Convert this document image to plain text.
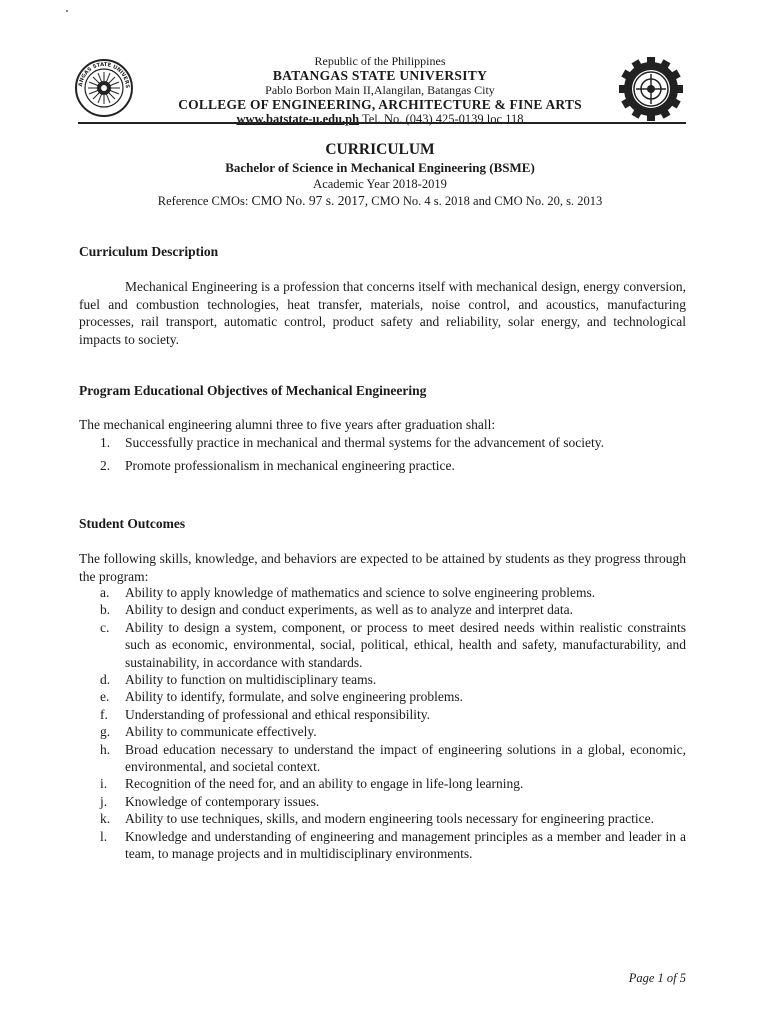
ANGAS STATE UNIVERS
Republic of the Philippines
BATANGAS STATE UNIVERSITY
Pablo Borbon Main II,Alangilan, Batangas City
COLLEGE OF ENGINEERING, ARCHITECTURE & FINE ARTS
www.batstate-u.edu.ph Tel. No. (043) 425-0139 loc 118
CURRICULUM
Bachelor of Science in Mechanical Engineering (BSME)
Academic Year 2018-2019
Reference CMOs: CMO No. 97 s. 2017, CMO No. 4 s. 2018 and CMO No. 20, s. 2013
Curriculum Description
Mechanical Engineering is a profession that concerns itself with mechanical design, energy conversion, fuel and combustion technologies, heat transfer, materials, noise control, and acoustics, manufacturing processes, rail transport, automatic control, product safety and reliability, solar energy, and technological impacts to society.
Program Educational Objectives of Mechanical Engineering
The mechanical engineering alumni three to five years after graduation shall:
1. Successfully practice in mechanical and thermal systems for the advancement of society.
2. Promote professionalism in mechanical engineering practice.
Student Outcomes
The following skills, knowledge, and behaviors are expected to be attained by students as they progress through the program:
a. Ability to apply knowledge of mathematics and science to solve engineering problems.
b. Ability to design and conduct experiments, as well as to analyze and interpret data.
c. Ability to design a system, component, or process to meet desired needs within realistic constraints such as economic, environmental, social, political, ethical, health and safety, manufacturability, and sustainability, in accordance with standards.
d. Ability to function on multidisciplinary teams.
e. Ability to identify, formulate, and solve engineering problems.
f. Understanding of professional and ethical responsibility.
g. Ability to communicate effectively.
h. Broad education necessary to understand the impact of engineering solutions in a global, economic, environmental, and societal context.
i. Recognition of the need for, and an ability to engage in life-long learning.
j. Knowledge of contemporary issues.
k. Ability to use techniques, skills, and modern engineering tools necessary for engineering practice.
l. Knowledge and understanding of engineering and management principles as a member and leader in a team, to manage projects and in multidisciplinary environments.
Page 1 of 5
